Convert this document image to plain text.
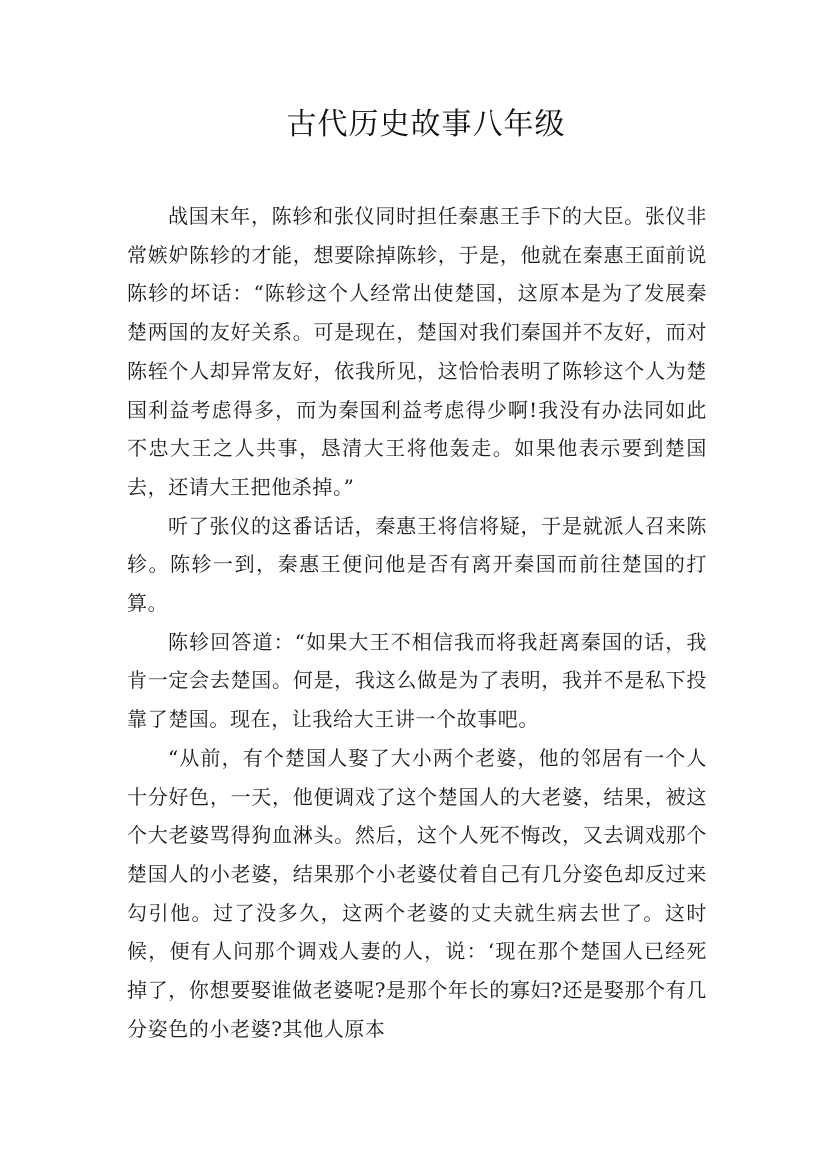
古代历史故事八年级

战国末年，陈轸和张仪同时担任秦惠王手下的大臣。张仪非常嫉妒陈轸的才能，想要除掉陈轸，于是，他就在秦惠王面前说陈轸的坏话：“陈轸这个人经常出使楚国，这原本是为了发展秦楚两国的友好关系。可是现在，楚国对我们秦国并不友好，而对陈轾个人却异常友好，依我所见，这恰恰表明了陈轸这个人为楚国利益考虑得多，而为秦国利益考虑得少啊!我没有办法同如此不忠大王之人共事，恳清大王将他轰走。如果他表示要到楚国去，还请大王把他杀掉。”

听了张仪的这番话话，秦惠王将信将疑，于是就派人召来陈轸。陈轸一到，秦惠王便问他是否有离开秦国而前往楚国的打算。

陈轸回答道：“如果大王不相信我而将我赶离秦国的话，我肯一定会去楚国。何是，我这么做是为了表明，我并不是私下投靠了楚国。现在，让我给大王讲一个故事吧。

“从前，有个楚国人娶了大小两个老婆，他的邻居有一个人十分好色，一天，他便调戏了这个楚国人的大老婆，结果，被这个大老婆骂得狗血淋头。然后，这个人死不悔改，又去调戏那个楚国人的小老婆，结果那个小老婆仗着自己有几分姿色却反过来勾引他。过了没多久，这两个老婆的丈夫就生病去世了。这时候，便有人问那个调戏人妻的人，说：‘现在那个楚国人已经死掉了，你想要娶谁做老婆呢?是那个年长的寡妇?还是娶那个有几分姿色的小老婆?其他人原本
